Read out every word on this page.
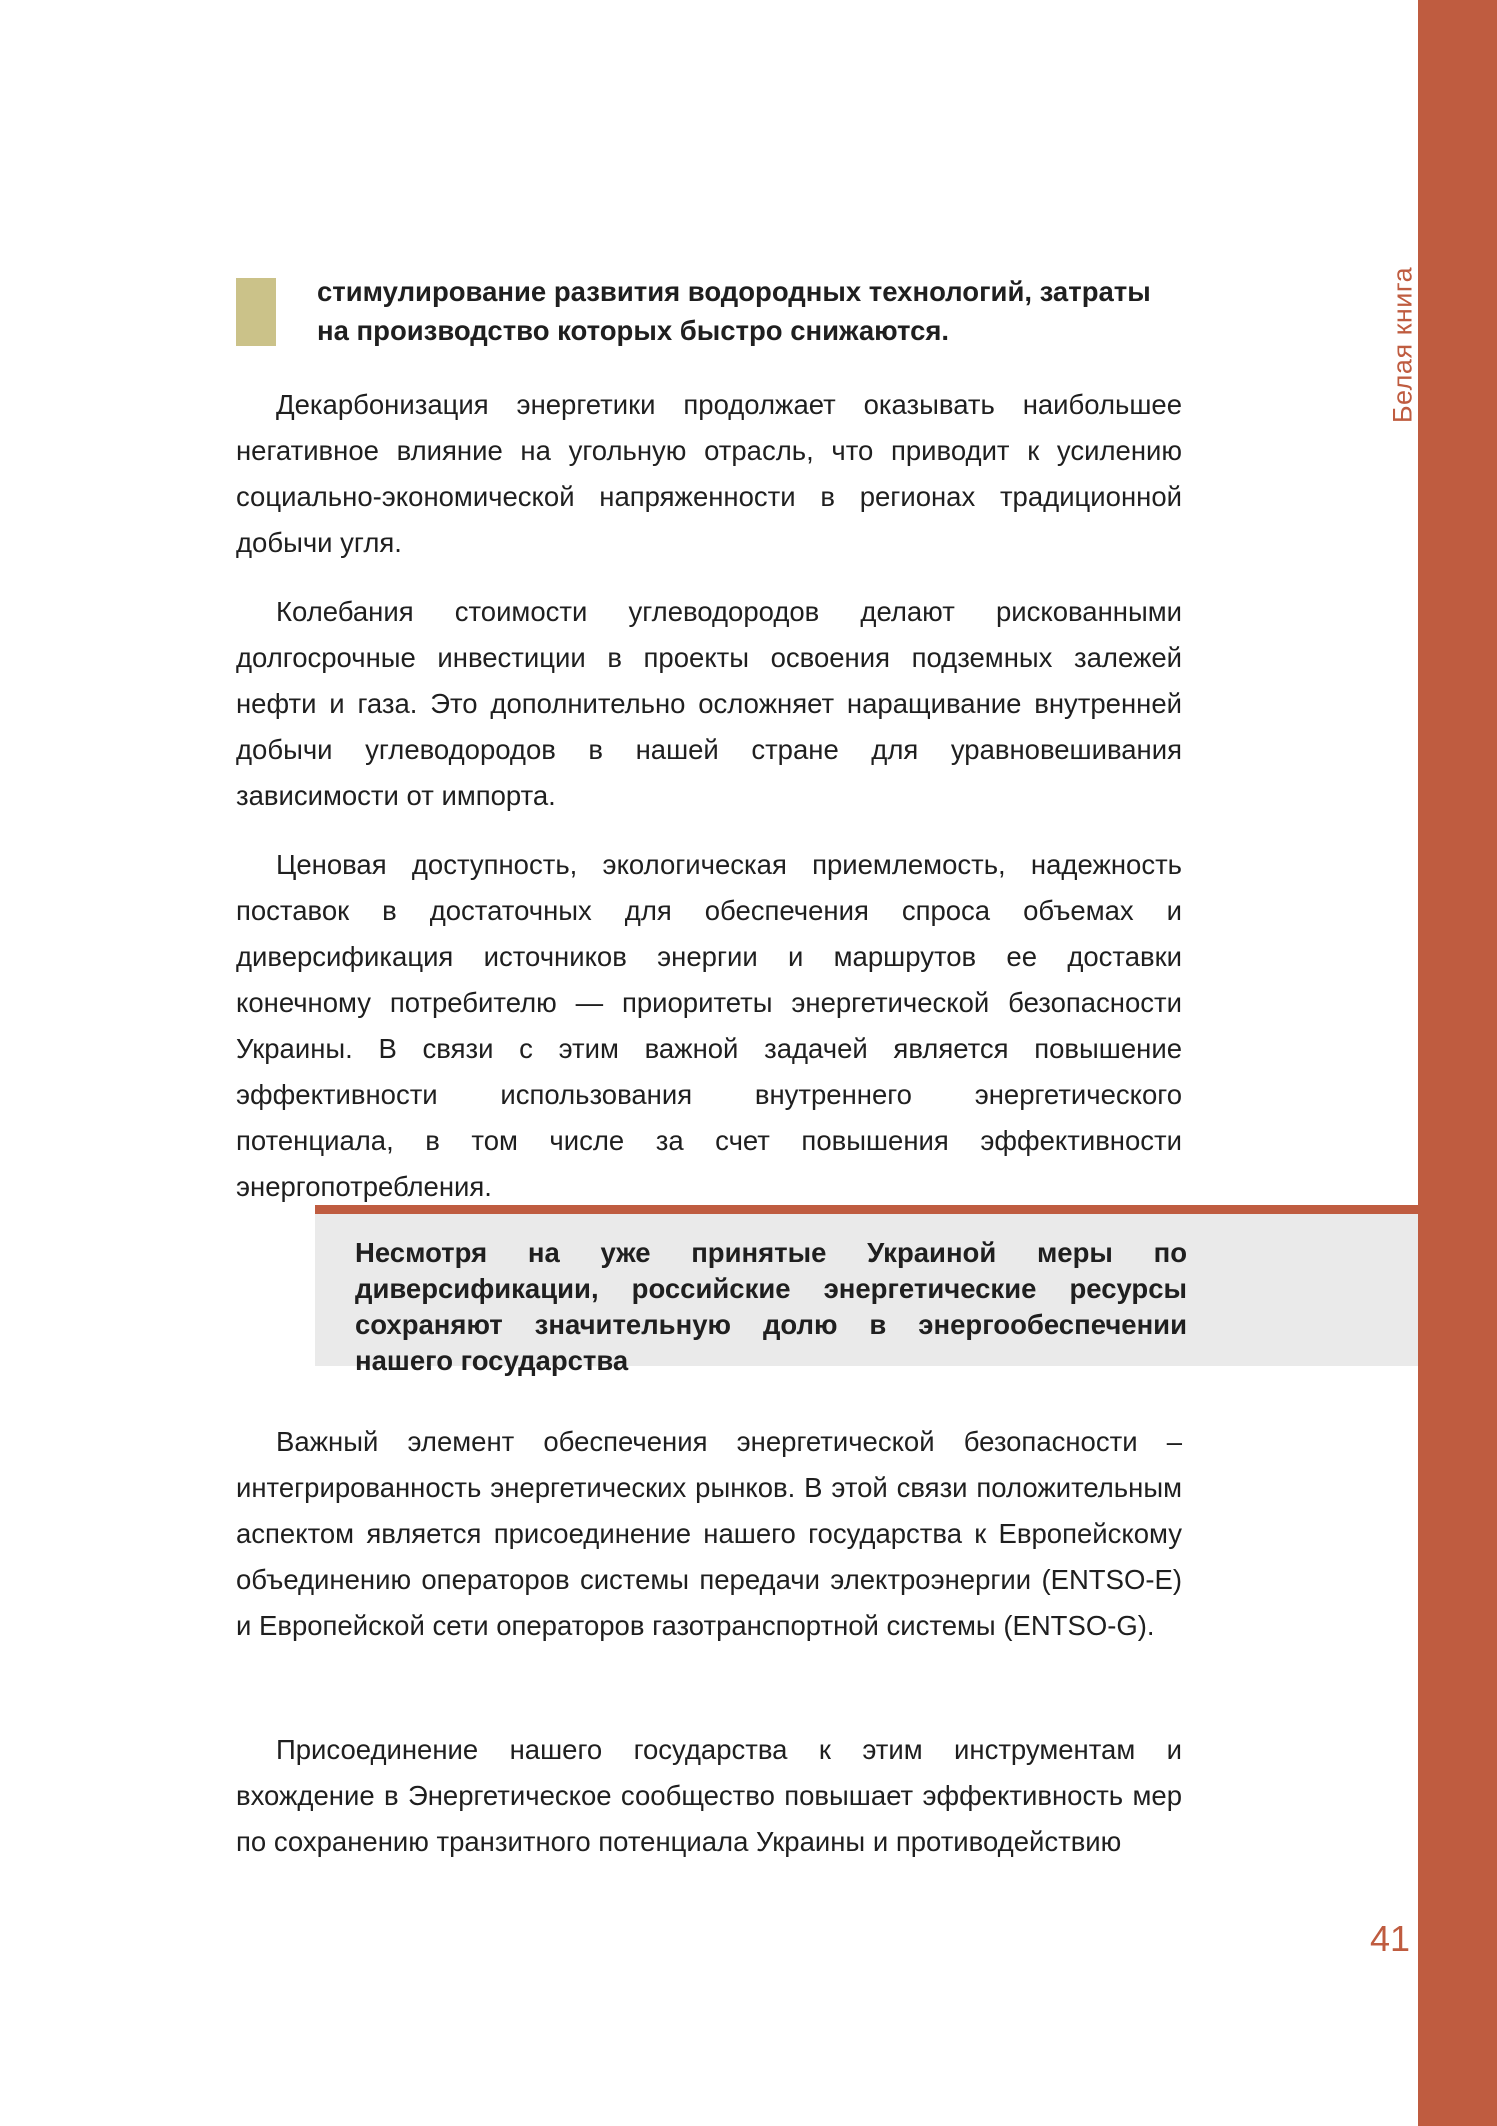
Белая книга
стимулирование развития водородных технологий, затраты на производство которых быстро снижаются.

Декарбонизация энергетики продолжает оказывать наибольшее негативное влияние на угольную отрасль, что приводит к усилению социально-экономической напряженности в регионах традиционной добычи угля.

Колебания стоимости углеводородов делают рискованными долгосрочные инвестиции в проекты освоения подземных залежей нефти и газа. Это дополнительно осложняет наращивание внутренней добычи углеводородов в нашей стране для уравновешивания зависимости от импорта.

Ценовая доступность, экологическая приемлемость, надежность поставок в достаточных для обеспечения спроса объемах и диверсификация источников энергии и маршрутов ее доставки конечному потребителю — приоритеты энергетической безопасности Украины. В связи с этим важной задачей является повышение эффективности использования внутреннего энергетического потенциала, в том числе за счет повышения эффективности энергопотребления.

Несмотря на уже принятые Украиной меры по диверсификации, российские энергетические ресурсы сохраняют значительную долю в энергообеспечении нашего государства

Важный элемент обеспечения энергетической безопасности – интегрированность энергетических рынков. В этой связи положительным аспектом является присоединение нашего государства к Европейскому объединению операторов системы передачи электроэнергии (ENTSO-E) и Европейской сети операторов газотранспортной системы (ENTSO-G).

Присоединение нашего государства к этим инструментам и вхождение в Энергетическое сообщество повышает эффективность мер по сохранению транзитного потенциала Украины и противодействию

41
